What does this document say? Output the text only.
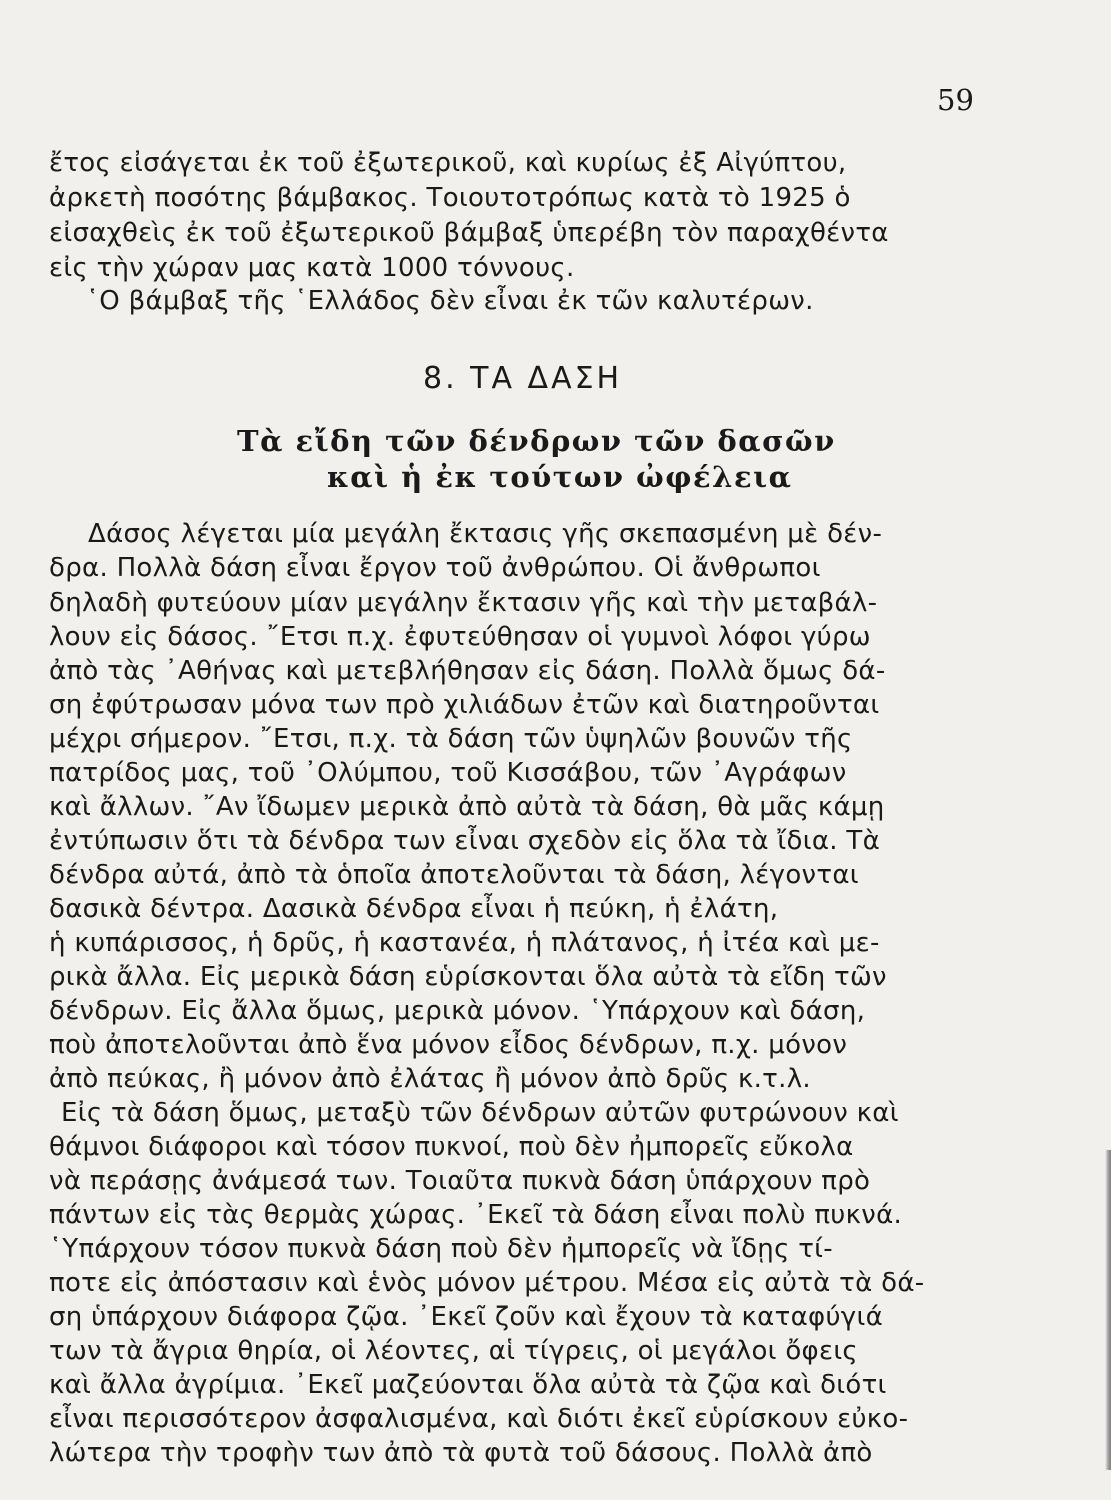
59
ἔτος εἰσάγεται ἐκ τοῦ ἐξωτερικοῦ, καὶ κυρίως ἐξ Αἰγύπτου,
ἀρκετὴ ποσότης βάμβακος. Τοιουτοτρόπως κατὰ τὸ 1925 ὁ
εἰσαχθεὶς ἐκ τοῦ ἐξωτερικοῦ βάμβαξ ὑπερέβη τὸν παραχθέντα
εἰς τὴν χώραν μας κατὰ 1000 τόννους.
῾Ο βάμβαξ τῆς ῾Ελλάδος δὲν εἶναι ἐκ τῶν καλυτέρων.
8. ΤΑ ΔΑΣΗ
Τὰ εἴδη τῶν δένδρων τῶν δασῶν
καὶ ἡ ἐκ τούτων ὠφέλεια
Δάσος λέγεται μία μεγάλη ἔκτασις γῆς σκεπασμένη μὲ δέν-
δρα. Πολλὰ δάση εἶναι ἔργον τοῦ ἀνθρώπου. Οἱ ἄνθρωποι
δηλαδὴ φυτεύουν μίαν μεγάλην ἔκτασιν γῆς καὶ τὴν μεταβάλ-
λουν εἰς δάσος. ῎Ετσι π.χ. ἐφυτεύθησαν οἱ γυμνοὶ λόφοι γύρω
ἀπὸ τὰς ᾽Αθήνας καὶ μετεβλήθησαν εἰς δάση. Πολλὰ ὅμως δά-
ση ἐφύτρωσαν μόνα των πρὸ χιλιάδων ἐτῶν καὶ διατηροῦνται
μέχρι σήμερον. ῎Ετσι, π.χ. τὰ δάση τῶν ὑψηλῶν βουνῶν τῆς
πατρίδος μας, τοῦ ᾽Ολύμπου, τοῦ Κισσάβου, τῶν ᾽Αγράφων
καὶ ἄλλων. ῎Αν ἴδωμεν μερικὰ ἀπὸ αὐτὰ τὰ δάση, θὰ μᾶς κάμῃ
ἐντύπωσιν ὅτι τὰ δένδρα των εἶναι σχεδὸν εἰς ὅλα τὰ ἴδια. Τὰ
δένδρα αὐτά, ἀπὸ τὰ ὁποῖα ἀποτελοῦνται τὰ δάση, λέγονται
δασικὰ δέντρα. Δασικὰ δένδρα εἶναι ἡ πεύκη, ἡ ἐλάτη,
ἡ κυπάρισσος, ἡ δρῦς, ἡ καστανέα, ἡ πλάτανος, ἡ ἰτέα καὶ με-
ρικὰ ἄλλα. Εἰς μερικὰ δάση εὑρίσκονται ὅλα αὐτὰ τὰ εἴδη τῶν
δένδρων. Εἰς ἄλλα ὅμως, μερικὰ μόνον. ῾Υπάρχουν καὶ δάση,
ποὺ ἀποτελοῦνται ἀπὸ ἕνα μόνον εἶδος δένδρων, π.χ. μόνον
ἀπὸ πεύκας, ἢ μόνον ἀπὸ ἐλάτας ἢ μόνον ἀπὸ δρῦς κ.τ.λ.
Εἰς τὰ δάση ὅμως, μεταξὺ τῶν δένδρων αὐτῶν φυτρώνουν καὶ
θάμνοι διάφοροι καὶ τόσον πυκνοί, ποὺ δὲν ἠμπορεῖς εὔκολα
νὰ περάσῃς ἀνάμεσά των. Τοιαῦτα πυκνὰ δάση ὑπάρχουν πρὸ
πάντων εἰς τὰς θερμὰς χώρας. ᾽Εκεῖ τὰ δάση εἶναι πολὺ πυκνά.
῾Υπάρχουν τόσον πυκνὰ δάση ποὺ δὲν ἠμπορεῖς νὰ ἴδῃς τί-
ποτε εἰς ἀπόστασιν καὶ ἑνὸς μόνον μέτρου. Μέσα εἰς αὐτὰ τὰ δά-
ση ὑπάρχουν διάφορα ζῷα. ᾽Εκεῖ ζοῦν καὶ ἔχουν τὰ καταφύγιά
των τὰ ἄγρια θηρία, οἱ λέοντες, αἱ τίγρεις, οἱ μεγάλοι ὄφεις
καὶ ἄλλα ἀγρίμια. ᾽Εκεῖ μαζεύονται ὅλα αὐτὰ τὰ ζῷα καὶ διότι
εἶναι περισσότερον ἀσφαλισμένα, καὶ διότι ἐκεῖ εὑρίσκουν εὐκο-
λώτερα τὴν τροφὴν των ἀπὸ τὰ φυτὰ τοῦ δάσους. Πολλὰ ἀπὸ
